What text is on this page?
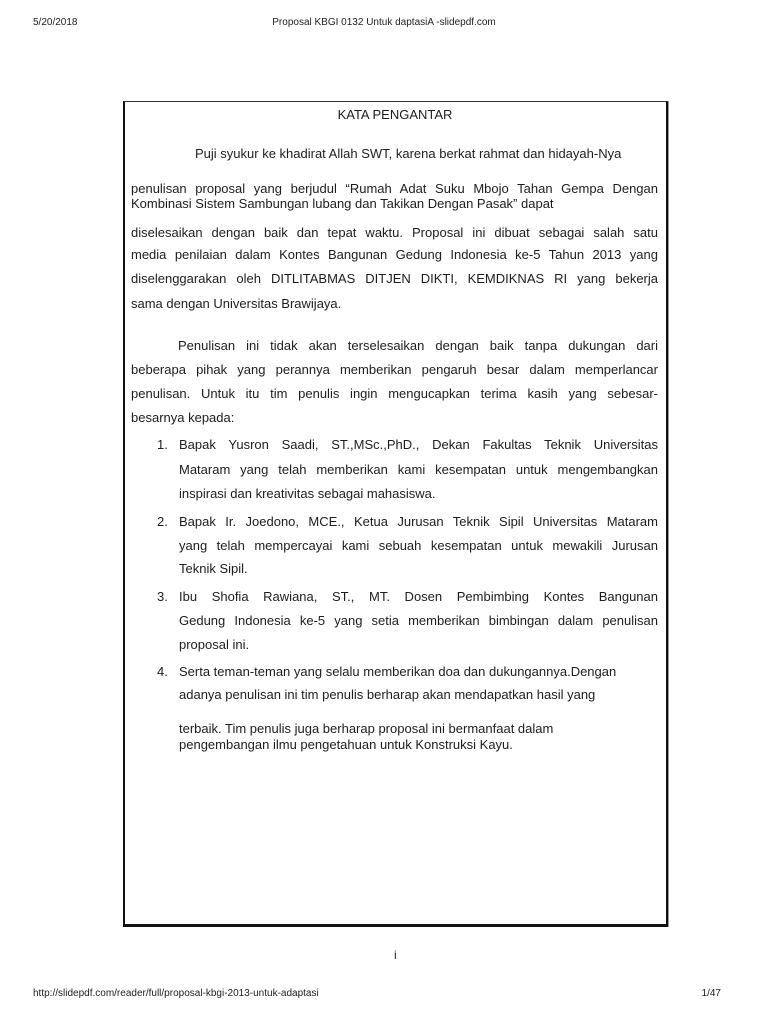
5/20/2018	Proposal KBGI 0132 Untuk daptasiA -slidepdf.com
KATA PENGANTAR
Puji syukur ke khadirat Allah SWT, karena berkat rahmat dan hidayah-Nya
penulisan proposal yang berjudul “Rumah Adat Suku Mbojo Tahan Gempa Dengan
Kombinasi Sistem Sambungan lubang dan Takikan Dengan Pasak” dapat
diselesaikan dengan baik dan tepat waktu. Proposal ini dibuat sebagai salah satu
media penilaian dalam Kontes Bangunan Gedung Indonesia ke-5 Tahun 2013 yang
diselenggarakan oleh DITLITABMAS DITJEN DIKTI, KEMDIKNAS RI yang bekerja
sama dengan Universitas Brawijaya.
Penulisan ini tidak akan terselesaikan dengan baik tanpa dukungan dari
beberapa pihak yang perannya memberikan pengaruh besar dalam memperlancar
penulisan. Untuk itu tim penulis ingin mengucapkan terima kasih yang sebesar-
besarnya kepada:
1. Bapak Yusron Saadi, ST.,MSc.,PhD., Dekan Fakultas Teknik Universitas
Mataram yang telah memberikan kami kesempatan untuk mengembangkan
inspirasi dan kreativitas sebagai mahasiswa.
2. Bapak Ir. Joedono, MCE., Ketua Jurusan Teknik Sipil Universitas Mataram
yang telah mempercayai kami sebuah kesempatan untuk mewakili Jurusan
Teknik Sipil.
3. Ibu Shofia Rawiana, ST., MT. Dosen Pembimbing Kontes Bangunan
Gedung Indonesia ke-5 yang setia memberikan bimbingan dalam penulisan
proposal ini.
4. Serta teman-teman yang selalu memberikan doa dan dukungannya.Dengan
adanya penulisan ini tim penulis berharap akan mendapatkan hasil yang
terbaik. Tim penulis juga berharap proposal ini bermanfaat dalam
pengembangan ilmu pengetahuan untuk Konstruksi Kayu.
i
http://slidepdf.com/reader/full/proposal-kbgi-2013-untuk-adaptasi	1/47
